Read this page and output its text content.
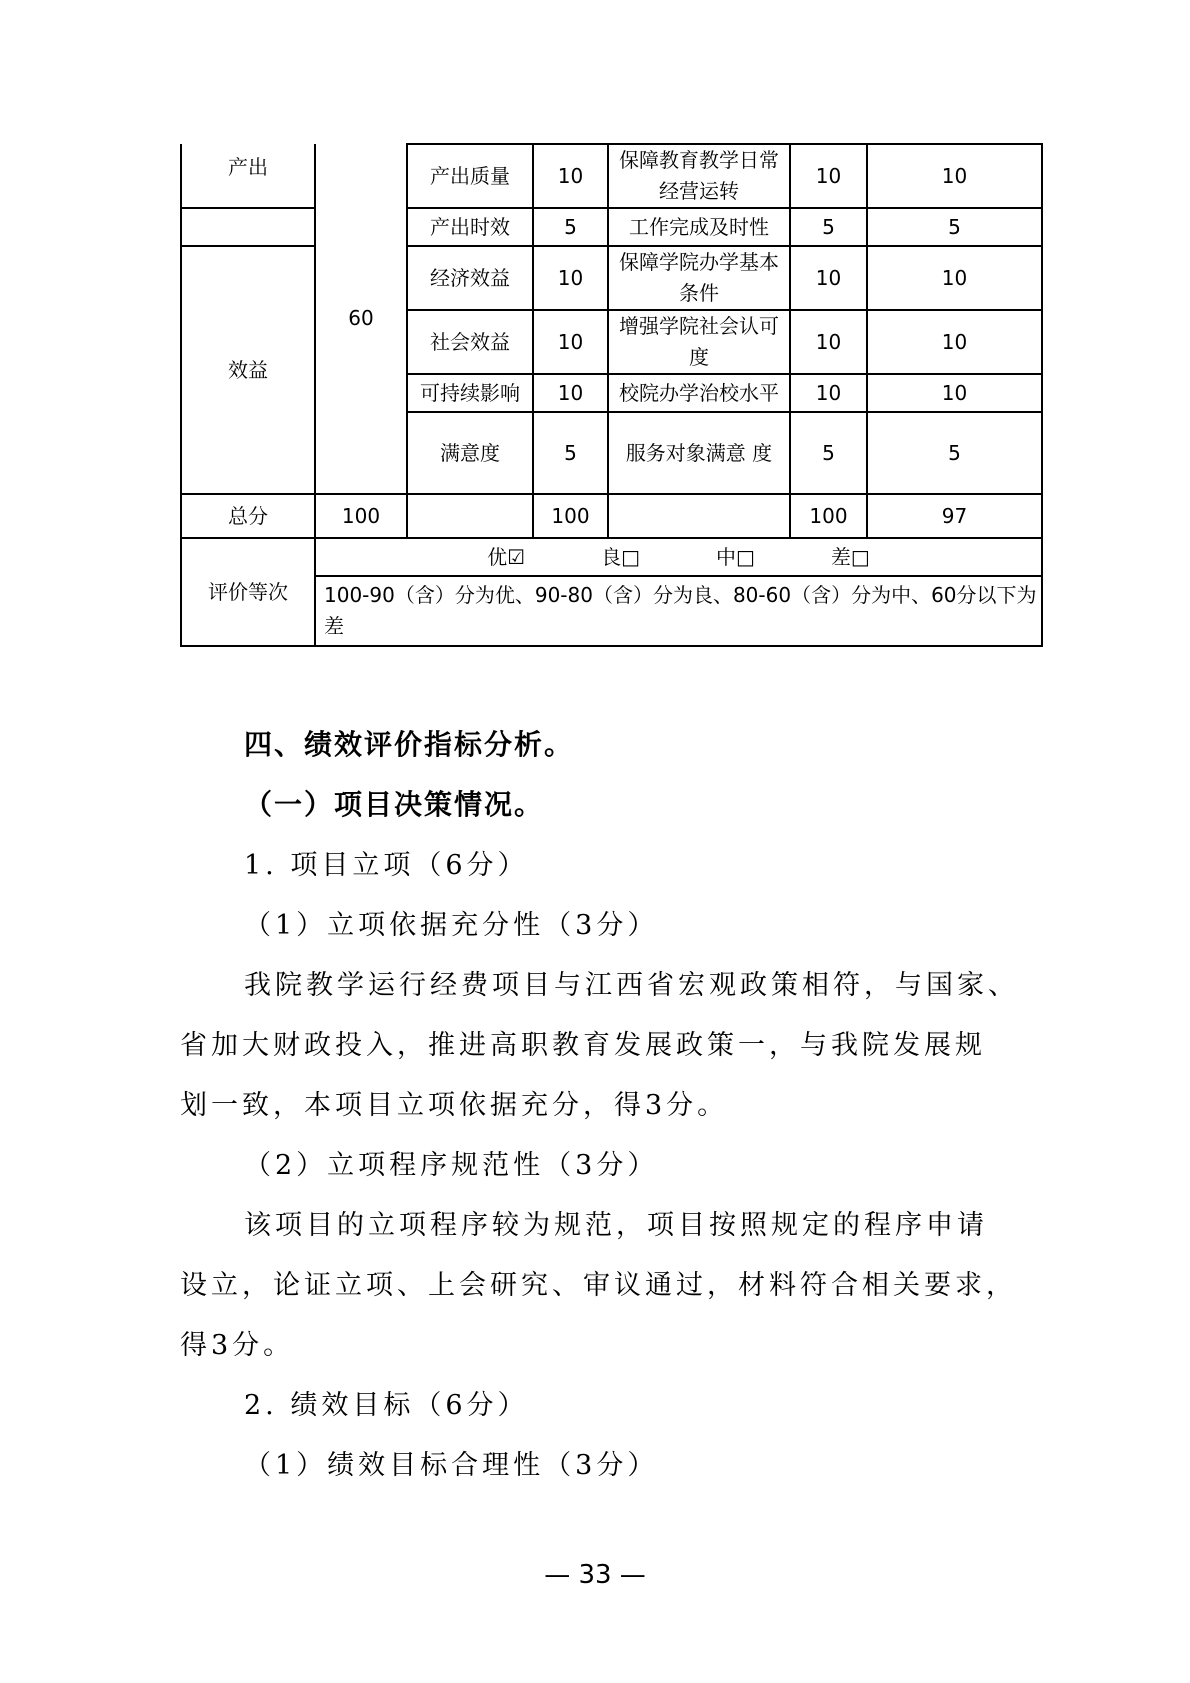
产出	60	产出质量	10	保障教育教学日常经营运转	10	10
		产出时效	5	工作完成及时性	5	5
效益		经济效益	10	保障学院办学基本条件	10	10
		社会效益	10	增强学院社会认可度	10	10
		可持续影响	10	校院办学治校水平	10	10
		满意度	5	服务对象满意 度	5	5
总分	100		100		100	97
评价等次	优☑ 良□ 中□ 差□					
	100-90（含）分为优、90-80（含）分为良、80-60（含）分为中、60分以下为差					
四、绩效评价指标分析。
（一）项目决策情况。
1. 项目立项（6分）
（1）立项依据充分性（3分）
我院教学运行经费项目与江西省宏观政策相符，与国家、
省加大财政投入，推进高职教育发展政策一，与我院发展规
划一致，本项目立项依据充分，得3分。
（2）立项程序规范性（3分）
该项目的立项程序较为规范，项目按照规定的程序申请
设立，论证立项、上会研究、审议通过，材料符合相关要求，
得3分。
2. 绩效目标（6分）
（1）绩效目标合理性（3分）
— 33 —
